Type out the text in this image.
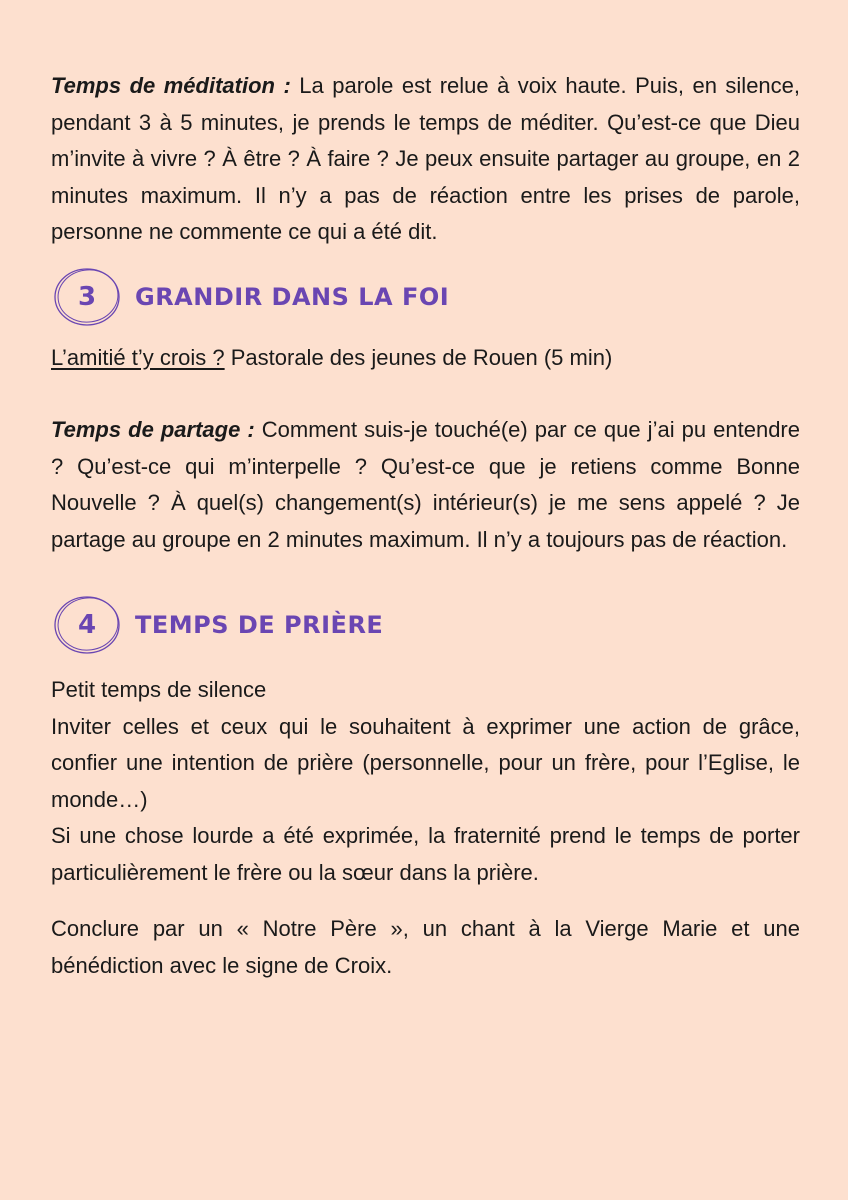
Temps de méditation : La parole est relue à voix haute. Puis, en silence, pendant 3 à 5 minutes, je prends le temps de méditer. Qu’est-ce que Dieu m’invite à vivre ? À être ? À faire ? Je peux ensuite partager au groupe, en 2 minutes maximum. Il n’y a pas de réaction entre les prises de parole, personne ne commente ce qui a été dit.

3	GRANDIR DANS LA FOI

L’amitié t’y crois ? Pastorale des jeunes de Rouen (5 min)

Temps de partage : Comment suis-je touché(e) par ce que j’ai pu entendre ? Qu’est-ce qui m’interpelle ? Qu’est-ce que je retiens comme Bonne Nouvelle ? À quel(s) changement(s) intérieur(s) je me sens appelé ? Je partage au groupe en 2 minutes maximum. Il n’y a toujours pas de réaction.

4	TEMPS DE PRIÈRE

Petit temps de silence

Inviter celles et ceux qui le souhaitent à exprimer une action de grâce, confier une intention de prière (personnelle, pour un frère, pour l’Eglise, le monde…)

Si une chose lourde a été exprimée, la fraternité prend le temps de porter particulièrement le frère ou la sœur dans la prière.

Conclure par un « Notre Père », un chant à la Vierge Marie et une bénédiction avec le signe de Croix.
